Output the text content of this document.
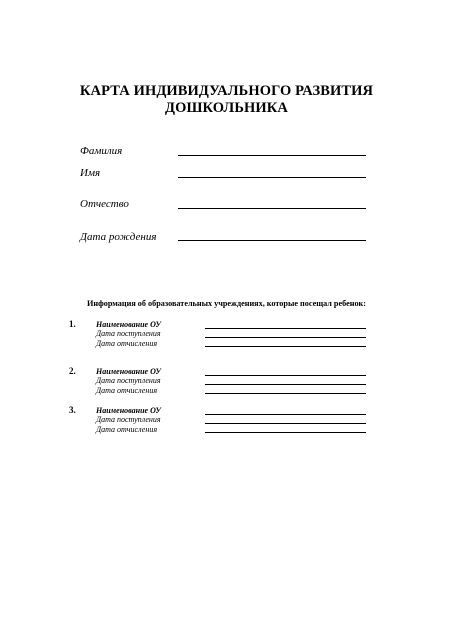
КАРТА ИНДИВИДУАЛЬНОГО РАЗВИТИЯ
ДОШКОЛЬНИКА
Фамилия
Имя
Отчество
Дата рождения
Информация об образовательных учреждениях, которые посещал ребенок:
1.	Наименование ОУ
Дата поступления
Дата отчисления
2.	Наименование ОУ
Дата поступления
Дата отчисления
3.	Наименование ОУ
Дата поступления
Дата отчисления
